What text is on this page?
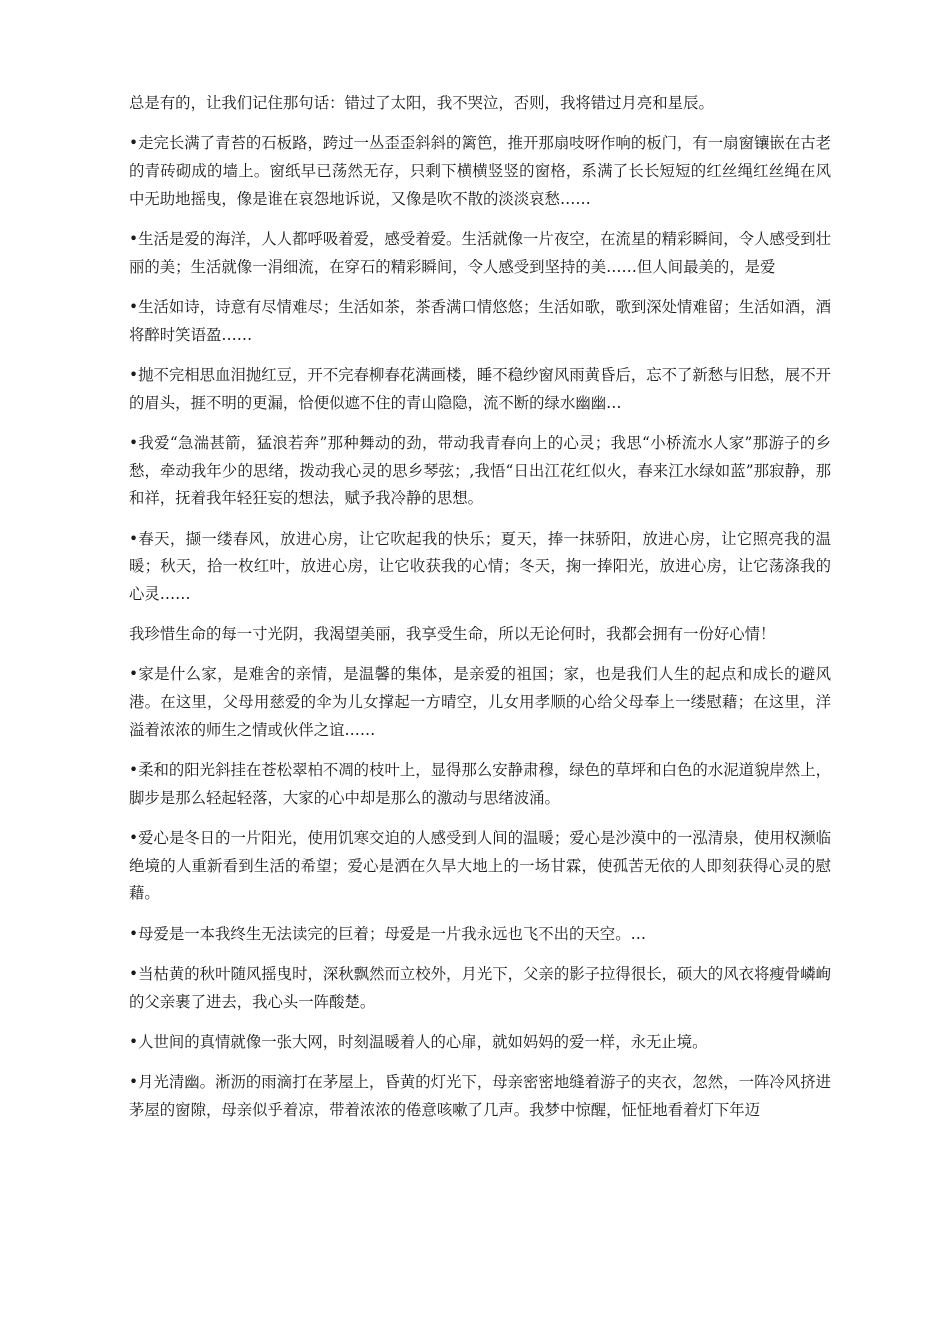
总是有的，让我们记住那句话：错过了太阳，我不哭泣，否则，我将错过月亮和星辰。

•走完长满了青苔的石板路，跨过一丛歪歪斜斜的篱笆，推开那扇吱呀作响的板门，有一扇窗镶嵌在古老的青砖砌成的墙上。窗纸早已荡然无存，只剩下横横竖竖的窗格，系满了长长短短的红丝绳红丝绳在风中无助地摇曳，像是谁在哀怨地诉说，又像是吹不散的淡淡哀愁……

•生活是爱的海洋，人人都呼吸着爱，感受着爱。生活就像一片夜空，在流星的精彩瞬间，令人感受到壮丽的美；生活就像一涓细流，在穿石的精彩瞬间，令人感受到坚持的美……但人间最美的，是爱

•生活如诗，诗意有尽情难尽；生活如茶，茶香满口情悠悠；生活如歌，歌到深处情难留；生活如酒，酒将醉时笑语盈……

•抛不完相思血泪抛红豆，开不完春柳春花满画楼，睡不稳纱窗风雨黄昏后，忘不了新愁与旧愁，展不开的眉头，捱不明的更漏，恰便似遮不住的青山隐隐，流不断的绿水幽幽…

•我爱“急湍甚箭，猛浪若奔”那种舞动的劲，带动我青春向上的心灵；我思“小桥流水人家”那游子的乡愁，牵动我年少的思绪，拨动我心灵的思乡琴弦；,我悟“日出江花红似火，春来江水绿如蓝”那寂静，那和祥，抚着我年轻狂妄的想法，赋予我冷静的思想。

•春天，撷一缕春风，放进心房，让它吹起我的快乐；夏天，捧一抹骄阳，放进心房，让它照亮我的温暖；秋天，拾一枚红叶，放进心房，让它收获我的心情；冬天，掬一捧阳光，放进心房，让它荡涤我的心灵……

我珍惜生命的每一寸光阴，我渴望美丽，我享受生命，所以无论何时，我都会拥有一份好心情！

•家是什么家，是难舍的亲情，是温馨的集体，是亲爱的祖国；家，也是我们人生的起点和成长的避风港。在这里，父母用慈爱的伞为儿女撑起一方晴空，儿女用孝顺的心给父母奉上一缕慰藉；在这里，洋溢着浓浓的师生之情或伙伴之谊……

•柔和的阳光斜挂在苍松翠柏不凋的枝叶上，显得那么安静肃穆，绿色的草坪和白色的水泥道貌岸然上，脚步是那么轻起轻落，大家的心中却是那么的激动与思绪波涌。

•爱心是冬日的一片阳光，使用饥寒交迫的人感受到人间的温暖；爱心是沙漠中的一泓清泉，使用权濒临绝境的人重新看到生活的希望；爱心是洒在久旱大地上的一场甘霖，使孤苦无依的人即刻获得心灵的慰藉。

•母爱是一本我终生无法读完的巨着；母爱是一片我永远也飞不出的天空。…

•当枯黄的秋叶随风摇曳时，深秋飘然而立校外，月光下，父亲的影子拉得很长，硕大的风衣将瘦骨嶙峋的父亲裹了进去，我心头一阵酸楚。

•人世间的真情就像一张大网，时刻温暖着人的心扉，就如妈妈的爱一样，永无止境。

•月光清幽。淅沥的雨滴打在茅屋上，昏黄的灯光下，母亲密密地缝着游子的夹衣，忽然，一阵冷风挤进茅屋的窗隙，母亲似乎着凉，带着浓浓的倦意咳嗽了几声。我梦中惊醒，怔怔地看着灯下年迈
